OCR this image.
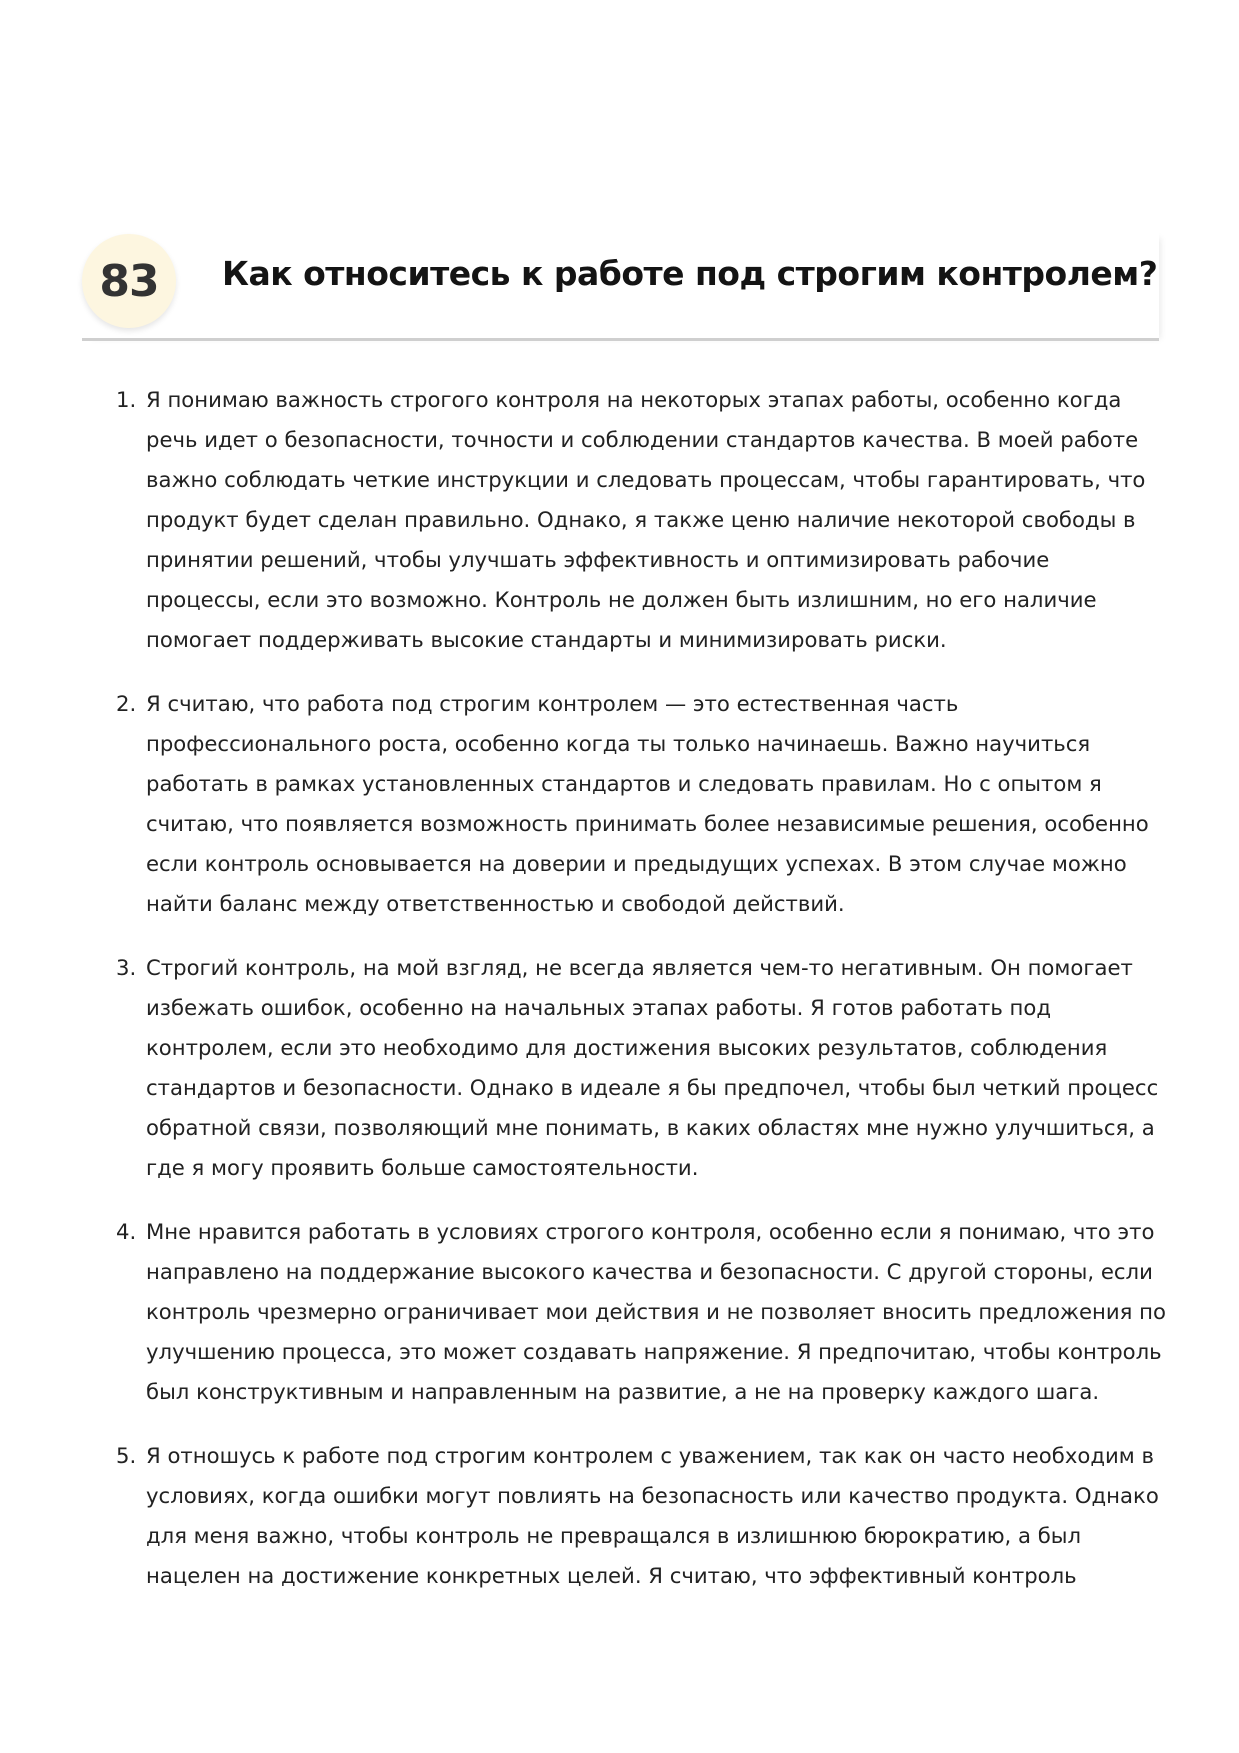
83	Как относитесь к работе под строгим контролем?
1. Я понимаю важность строгого контроля на некоторых этапах работы, особенно когда речь идет о безопасности, точности и соблюдении стандартов качества. В моей работе важно соблюдать четкие инструкции и следовать процессам, чтобы гарантировать, что продукт будет сделан правильно. Однако, я также ценю наличие некоторой свободы в принятии решений, чтобы улучшать эффективность и оптимизировать рабочие процессы, если это возможно. Контроль не должен быть излишним, но его наличие помогает поддерживать высокие стандарты и минимизировать риски.
2. Я считаю, что работа под строгим контролем — это естественная часть профессионального роста, особенно когда ты только начинаешь. Важно научиться работать в рамках установленных стандартов и следовать правилам. Но с опытом я считаю, что появляется возможность принимать более независимые решения, особенно если контроль основывается на доверии и предыдущих успехах. В этом случае можно найти баланс между ответственностью и свободой действий.
3. Строгий контроль, на мой взгляд, не всегда является чем-то негативным. Он помогает избежать ошибок, особенно на начальных этапах работы. Я готов работать под контролем, если это необходимо для достижения высоких результатов, соблюдения стандартов и безопасности. Однако в идеале я бы предпочел, чтобы был четкий процесс обратной связи, позволяющий мне понимать, в каких областях мне нужно улучшиться, а где я могу проявить больше самостоятельности.
4. Мне нравится работать в условиях строгого контроля, особенно если я понимаю, что это направлено на поддержание высокого качества и безопасности. С другой стороны, если контроль чрезмерно ограничивает мои действия и не позволяет вносить предложения по улучшению процесса, это может создавать напряжение. Я предпочитаю, чтобы контроль был конструктивным и направленным на развитие, а не на проверку каждого шага.
5. Я отношусь к работе под строгим контролем с уважением, так как он часто необходим в условиях, когда ошибки могут повлиять на безопасность или качество продукта. Однако для меня важно, чтобы контроль не превращался в излишнюю бюрократию, а был нацелен на достижение конкретных целей. Я считаю, что эффективный контроль
